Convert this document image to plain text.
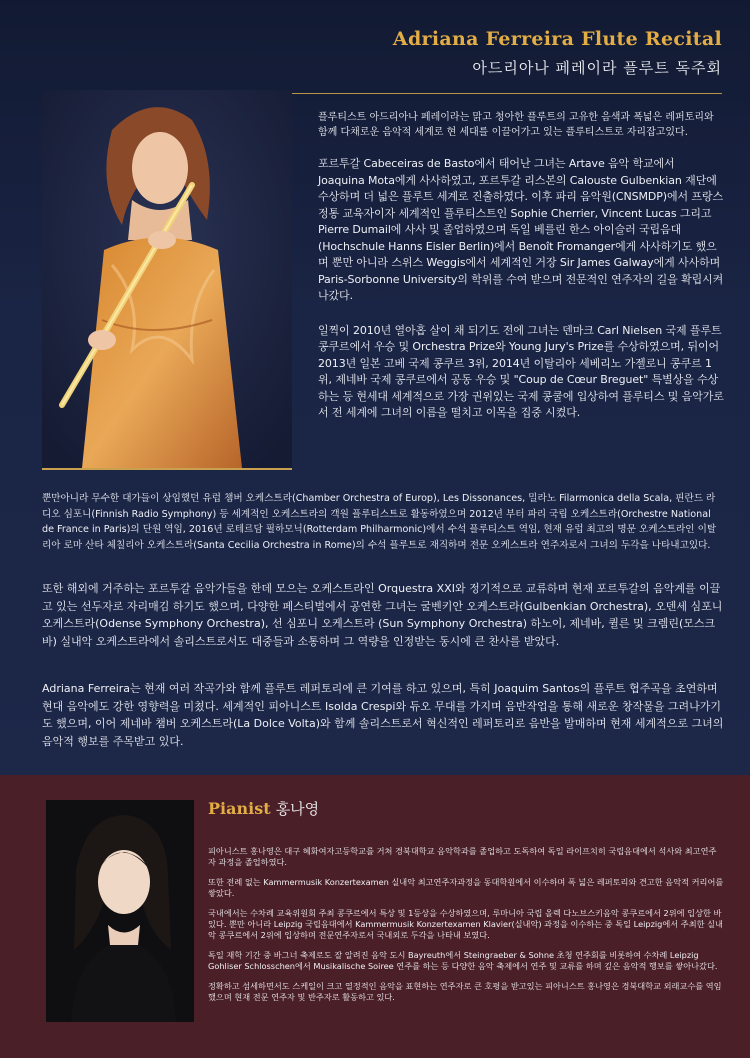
Adriana Ferreira Flute Recital
아드리아나 페레이라 플루트 독주회

플루티스트 아드리아나 페레이라는 맑고 청아한 플루트의 고유한 음색과 폭넓은 레퍼토리와 함께 다채로운 음악적 세계로 현 세대를 이끌어가고 있는 플루티스트로 자리잡고있다.

포르투갈 Cabeceiras de Basto에서 태어난 그녀는 Artave 음악 학교에서 Joaquina Mota에게 사사하였고, 포르투갈 리스본의 Calouste Gulbenkian 재단에 수상하며 더 넓은 플루트 세계로 진출하였다. 이후 파리 음악원(CNSMDP)에서 프랑스 정통 교육자이자 세계적인 플루티스트인 Sophie Cherrier, Vincent Lucas 그리고 Pierre Dumail에 사사 및 졸업하였으며 독일 베를린 한스 아이슬러 국립음대(Hochschule Hanns Eisler Berlin)에서 Benoît Fromanger에게 사사하기도 했으며 뿐만 아니라 스위스 Weggis에서 세계적인 거장 Sir James Galway에게 사사하며 Paris-Sorbonne University의 학위를 수여 받으며 전문적인 연주자의 길을 확립시켜나갔다.

일찍이 2010년 열아홉 살이 채 되기도 전에 그녀는 덴마크 Carl Nielsen 국제 플루트 콩쿠르에서 우승 및 Orchestra Prize와 Young Jury's Prize를 수상하였으며, 뒤이어 2013년 일본 고베 국제 콩쿠르 3위, 2014년 이탈리아 세베리노 가젤로니 콩쿠르 1위, 제네바 국제 콩쿠르에서 공동 우승 및 "Coup de Cœur Breguet" 특별상을 수상하는 등 현세대 세계적으로 가장 권위있는 국제 콩쿨에 입상하여 플루티스 및 음악가로서 전 세계에 그녀의 이름을 떨치고 이목을 집중 시켰다.

뿐만아니라 무수한 대가들이 상임했던 유럽 챔버 오케스트라(Chamber Orchestra of Europ), Les Dissonances, 밀라노 Filarmonica della Scala, 핀란드 라디오 심포니(Finnish Radio Symphony) 등 세계적인 오케스트라의 객원 플루티스트로 활동하였으며 2012년 부터 파리 국립 오케스트라(Orchestre National de France in Paris)의 단원 역임, 2016년 로테르담 필하모닉(Rotterdam Philharmonic)에서 수석 플루티스트 역임, 현재 유럽 최고의 명문 오케스트라인 이탈리아 로마 산타 체칠리아 오케스트라(Santa Cecilia Orchestra in Rome)의 수석 플루트로 재직하며 전문 오케스트라 연주자로서 그녀의 두각을 나타내고있다.

또한 해외에 거주하는 포르투갈 음악가들을 한데 모으는 오케스트라인 Orquestra XXI와 정기적으로 교류하며 현재 포르투갈의 음악계를 이끌고 있는 선두자로 자리매김 하기도 했으며, 다양한 페스티벌에서 공연한 그녀는 굴벤키안 오케스트라(Gulbenkian Orchestra), 오덴세 심포니 오케스트라(Odense Symphony Orchestra), 선 심포니 오케스트라 (Sun Symphony Orchestra) 하노이, 제네바, 퀼른 및 크렘린(모스크바) 실내악 오케스트라에서 솔리스트로서도 대중들과 소통하며 그 역량을 인정받는 동시에 큰 찬사를 받았다.

Adriana Ferreira는 현재 여러 작곡가와 함께 플루트 레퍼토리에 큰 기여를 하고 있으며, 특히 Joaquim Santos의 플루트 협주곡을 초연하며 현대 음악에도 강한 영향력을 미쳤다. 세계적인 피아니스트 Isolda Crespi와 듀오 무대를 가지며 음반작업을 통해 새로운 창작물을 그려나가기도 했으며, 이어 제네바 챔버 오케스트라(La Dolce Volta)와 함께 솔리스트로서 혁신적인 레퍼토리로 음반을 발매하며 현재 세계적으로 그녀의 음악적 행보를 주목받고 있다.

Pianist 홍나영

피아니스트 홍나영은 대구 혜화여자고등학교를 거쳐 경북대학교 음악학과를 졸업하고 도독하여 독일 라이프치히 국립음대에서 석사와 최고연주자 과정을 졸업하였다.

또한 전례 없는 Kammermusik Konzertexamen 실내악 최고연주자과정을 동대학원에서 이수하며 폭 넓은 레퍼토리와 견고한 음악적 커리어를 쌓았다.

국내에서는 수차례 교육위원회 주최 콩쿠르에서 특상 및 1등상을 수상하였으며, 루마니아 국립 올렉 다노브스키음악 콩쿠르에서 2위에 입상한 바 있다. 뿐만 아니라 Leipzig 국립음대에서 Kammermusik Konzertexamen Klavier(실내악) 과정을 이수하는 중 독일 Leipzig에서 주최한 실내악 콩쿠르에서 2위에 입상하며 전문연주자로서 국내외로 두각을 나타내 보였다.

독일 재학 기간 중 바그너 축제로도 잘 알려진 음악 도시 Bayreuth에서 Steingraeber & Sohne 초청 연주회를 비롯하여 수차례 Leipzig Gohliser Schlosschen에서 Musikalische Soiree 연주를 하는 등 다양한 음악 축제에서 연주 및 교류를 하며 깊은 음악적 행보를 쌓아나갔다.

정확하고 섬세하면서도 스케일이 크고 열정적인 음악을 표현하는 연주자로 큰 호평을 받고있는 피아니스트 홍나영은 경북대학교 외래교수를 역임했으며 현재 전문 연주자 및 반주자로 활동하고 있다.
